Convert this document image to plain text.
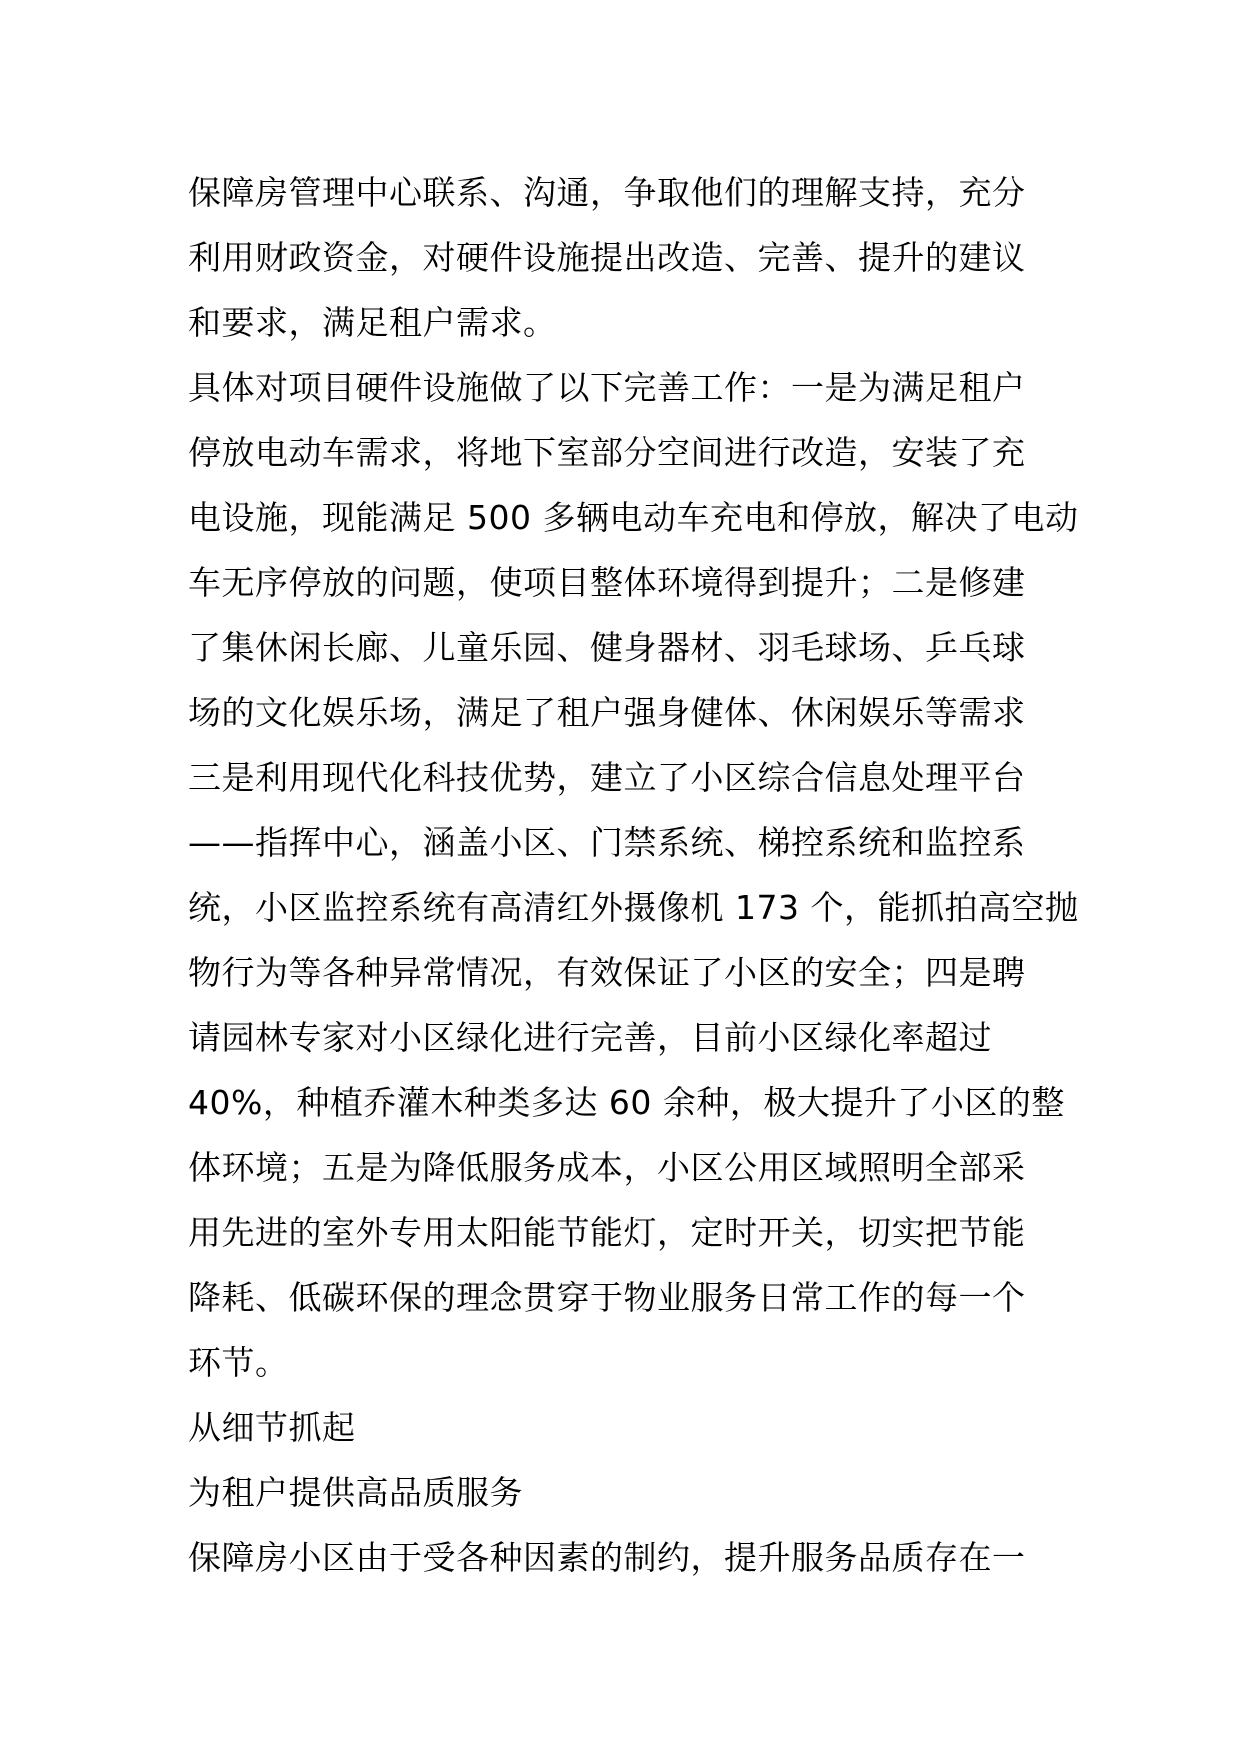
保障房管理中心联系、沟通，争取他们的理解支持，充分
利用财政资金，对硬件设施提出改造、完善、提升的建议
和要求，满足租户需求。
具体对项目硬件设施做了以下完善工作：一是为满足租户
停放电动车需求，将地下室部分空间进行改造，安装了充
电设施，现能满足 500 多辆电动车充电和停放，解决了电动
车无序停放的问题，使项目整体环境得到提升；二是修建
了集休闲长廊、儿童乐园、健身器材、羽毛球场、乒乓球
场的文化娱乐场，满足了租户强身健体、休闲娱乐等需求
三是利用现代化科技优势，建立了小区综合信息处理平台
——指挥中心，涵盖小区、门禁系统、梯控系统和监控系
统，小区监控系统有高清红外摄像机 173 个，能抓拍高空抛
物行为等各种异常情况，有效保证了小区的安全；四是聘
请园林专家对小区绿化进行完善，目前小区绿化率超过
40%，种植乔灌木种类多达 60 余种，极大提升了小区的整
体环境；五是为降低服务成本，小区公用区域照明全部采
用先进的室外专用太阳能节能灯，定时开关，切实把节能
降耗、低碳环保的理念贯穿于物业服务日常工作的每一个
环节。
从细节抓起
为租户提供高品质服务
保障房小区由于受各种因素的制约，提升服务品质存在一
